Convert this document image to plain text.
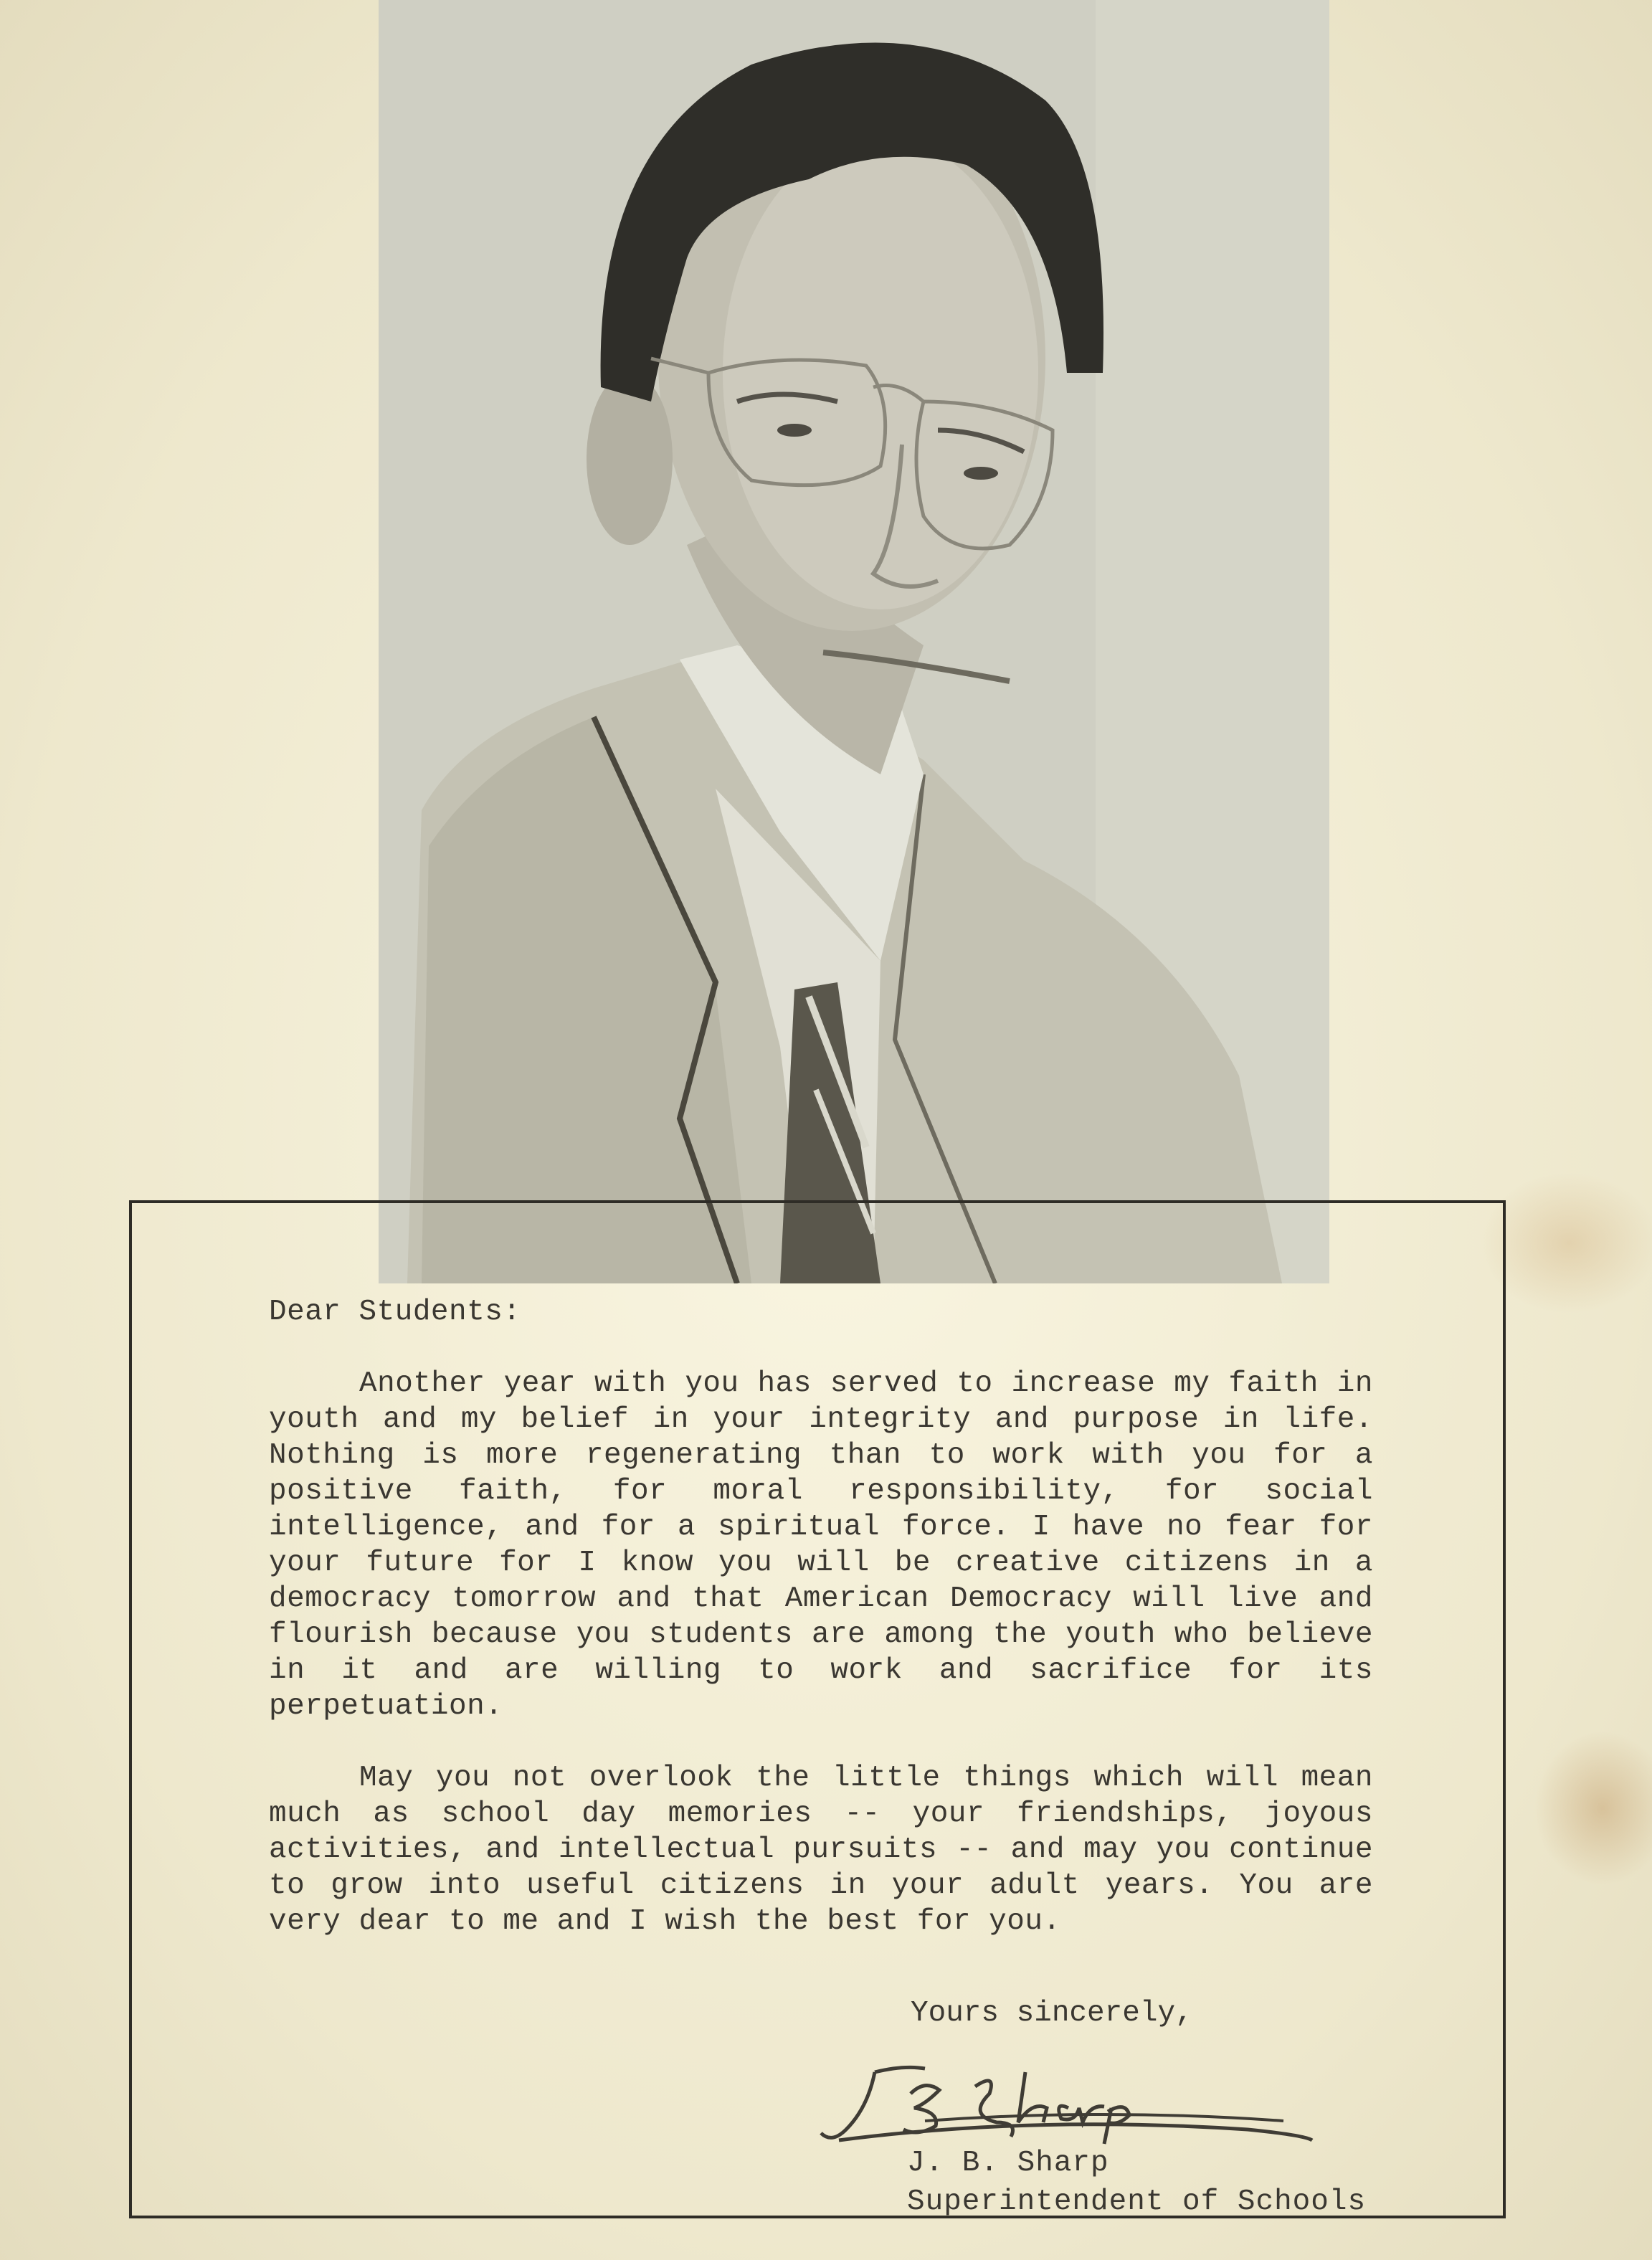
Dear Students:
Another year with you has served to increase my faith in youth and my belief in your integrity and purpose in life. Nothing is more regenerating than to work with you for a positive faith, for moral responsibility, for social intelligence, and for a spiritual force. I have no fear for your future for I know you will be creative citizens in a democracy tomorrow and that American Democracy will live and flourish because you students are among the youth who believe in it and are willing to work and sacrifice for its perpetuation.
May you not overlook the little things which will mean much as school day memories -- your friendships, joyous activities, and intellectual pursuits -- and may you continue to grow into useful citizens in your adult years. You are very dear to me and I wish the best for you.
Yours sincerely,
J. B. Sharp
Superintendent of Schools
